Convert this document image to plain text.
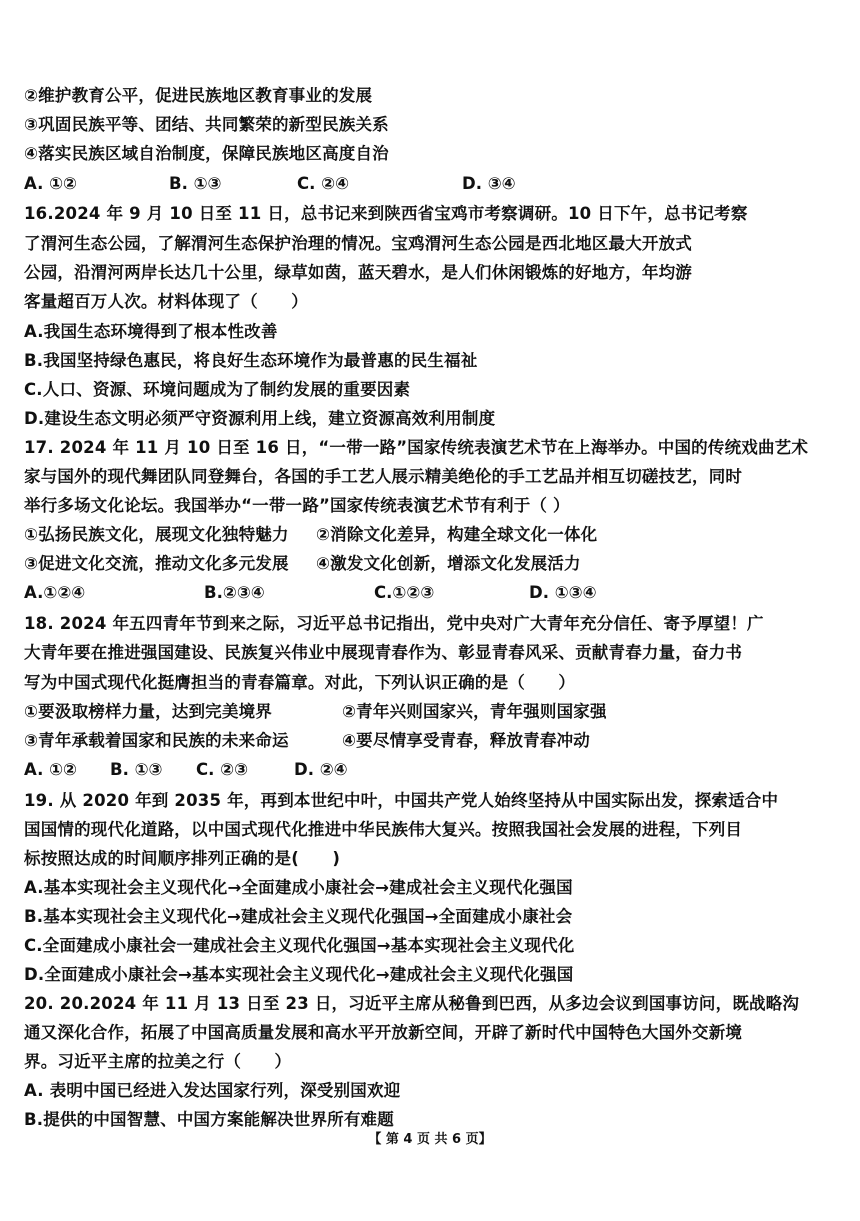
②维护教育公平，促进民族地区教育事业的发展
③巩固民族平等、团结、共同繁荣的新型民族关系
④落实民族区域自治制度，保障民族地区高度自治
A. ①②	B. ①③	C. ②④	D. ③④
16.2024 年 9 月 10 日至 11 日，总书记来到陕西省宝鸡市考察调研。10 日下午，总书记考察
了渭河生态公园，了解渭河生态保护治理的情况。宝鸡渭河生态公园是西北地区最大开放式
公园，沿渭河两岸长达几十公里，绿草如茵，蓝天碧水，是人们休闲锻炼的好地方，年均游
客量超百万人次。材料体现了（　　）
A.我国生态环境得到了根本性改善
B.我国坚持绿色惠民，将良好生态环境作为最普惠的民生福祉
C.人口、资源、环境问题成为了制约发展的重要因素
D.建设生态文明必须严守资源利用上线，建立资源高效利用制度
17. 2024 年 11 月 10 日至 16 日，“一带一路”国家传统表演艺术节在上海举办。中国的传统戏曲艺术
家与国外的现代舞团队同登舞台，各国的手工艺人展示精美绝伦的手工艺品并相互切磋技艺，同时
举行多场文化论坛。我国举办“一带一路”国家传统表演艺术节有利于（ ）
①弘扬民族文化，展现文化独特魅力 ②消除文化差异，构建全球文化一体化
③促进文化交流，推动文化多元发展 ④激发文化创新，增添文化发展活力
A.①②④	B.②③④	C.①②③	D. ①③④
18. 2024 年五四青年节到来之际，习近平总书记指出，党中央对广大青年充分信任、寄予厚望！广
大青年要在推进强国建设、民族复兴伟业中展现青春作为、彰显青春风采、贡献青春力量，奋力书
写为中国式现代化挺膺担当的青春篇章。对此，下列认识正确的是（　　）
①要汲取榜样力量，达到完美境界	②青年兴则国家兴，青年强则国家强
③青年承载着国家和民族的未来命运	④要尽情享受青春，释放青春冲动
A. ①②	B. ①③	C. ②③	D. ②④
19. 从 2020 年到 2035 年，再到本世纪中叶，中国共产党人始终坚持从中国实际出发，探索适合中
国国情的现代化道路，以中国式现代化推进中华民族伟大复兴。按照我国社会发展的进程，下列目
标按照达成的时间顺序排列正确的是(　　)
A.基本实现社会主义现代化→全面建成小康社会→建成社会主义现代化强国
B.基本实现社会主义现代化→建成社会主义现代化强国→全面建成小康社会
C.全面建成小康社会一建成社会主义现代化强国→基本实现社会主义现代化
D.全面建成小康社会→基本实现社会主义现代化→建成社会主义现代化强国
20. 20.2024 年 11 月 13 日至 23 日，习近平主席从秘鲁到巴西，从多边会议到国事访问，既战略沟
通又深化合作，拓展了中国高质量发展和高水平开放新空间，开辟了新时代中国特色大国外交新境
界。习近平主席的拉美之行（　　）
A. 表明中国已经进入发达国家行列，深受别国欢迎
B.提供的中国智慧、中国方案能解决世界所有难题
【 第 4 页 共 6 页】
